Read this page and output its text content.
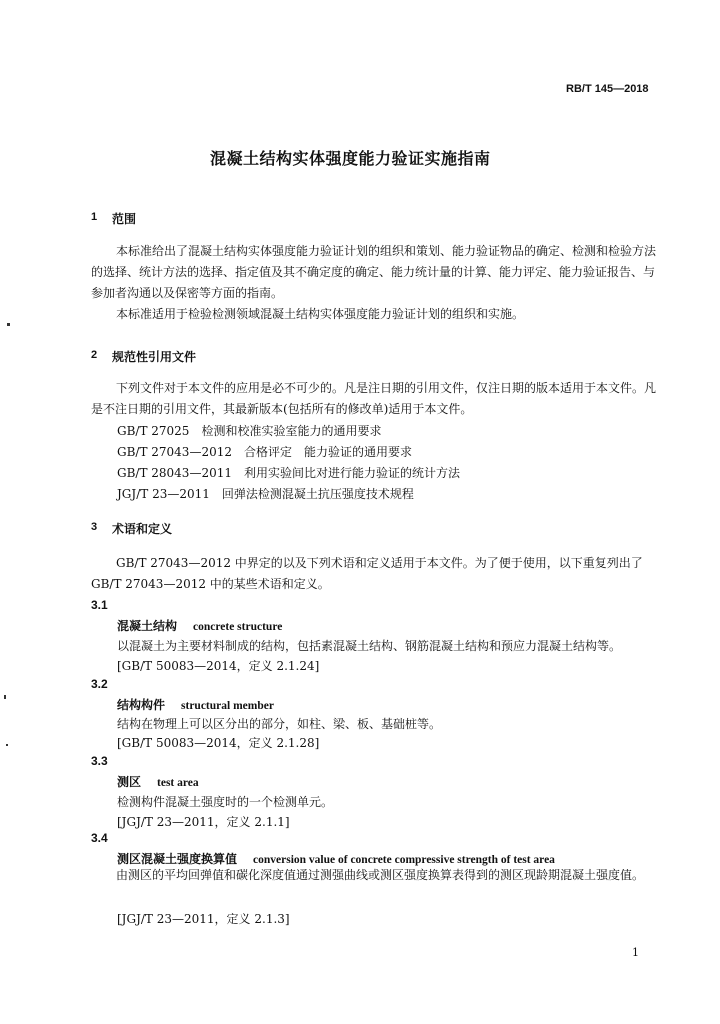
RB/T 145—2018
混凝土结构实体强度能力验证实施指南
1 范围
本标准给出了混凝土结构实体强度能力验证计划的组织和策划、能力验证物品的确定、检测和检验方法的选择、统计方法的选择、指定值及其不确定度的确定、能力统计量的计算、能力评定、能力验证报告、与参加者沟通以及保密等方面的指南。
本标准适用于检验检测领域混凝土结构实体强度能力验证计划的组织和实施。
2 规范性引用文件
下列文件对于本文件的应用是必不可少的。凡是注日期的引用文件，仅注日期的版本适用于本文件。凡是不注日期的引用文件，其最新版本(包括所有的修改单)适用于本文件。
GB/T 27025　检测和校准实验室能力的通用要求
GB/T 27043—2012　合格评定　能力验证的通用要求
GB/T 28043—2011　利用实验间比对进行能力验证的统计方法
JGJ/T 23—2011　回弹法检测混凝土抗压强度技术规程
3 术语和定义
GB/T 27043—2012 中界定的以及下列术语和定义适用于本文件。为了便于使用，以下重复列出了 GB/T 27043—2012 中的某些术语和定义。
3.1
混凝土结构 concrete structure
以混凝土为主要材料制成的结构，包括素混凝土结构、钢筋混凝土结构和预应力混凝土结构等。
[GB/T 50083—2014，定义 2.1.24]
3.2
结构构件 structural member
结构在物理上可以区分出的部分，如柱、梁、板、基础桩等。
[GB/T 50083—2014，定义 2.1.28]
3.3
测区 test area
检测构件混凝土强度时的一个检测单元。
[JGJ/T 23—2011，定义 2.1.1]
3.4
测区混凝土强度换算值 conversion value of concrete compressive strength of test area
由测区的平均回弹值和碳化深度值通过测强曲线或测区强度换算表得到的测区现龄期混凝土强度值。
[JGJ/T 23—2011，定义 2.1.3]
1
